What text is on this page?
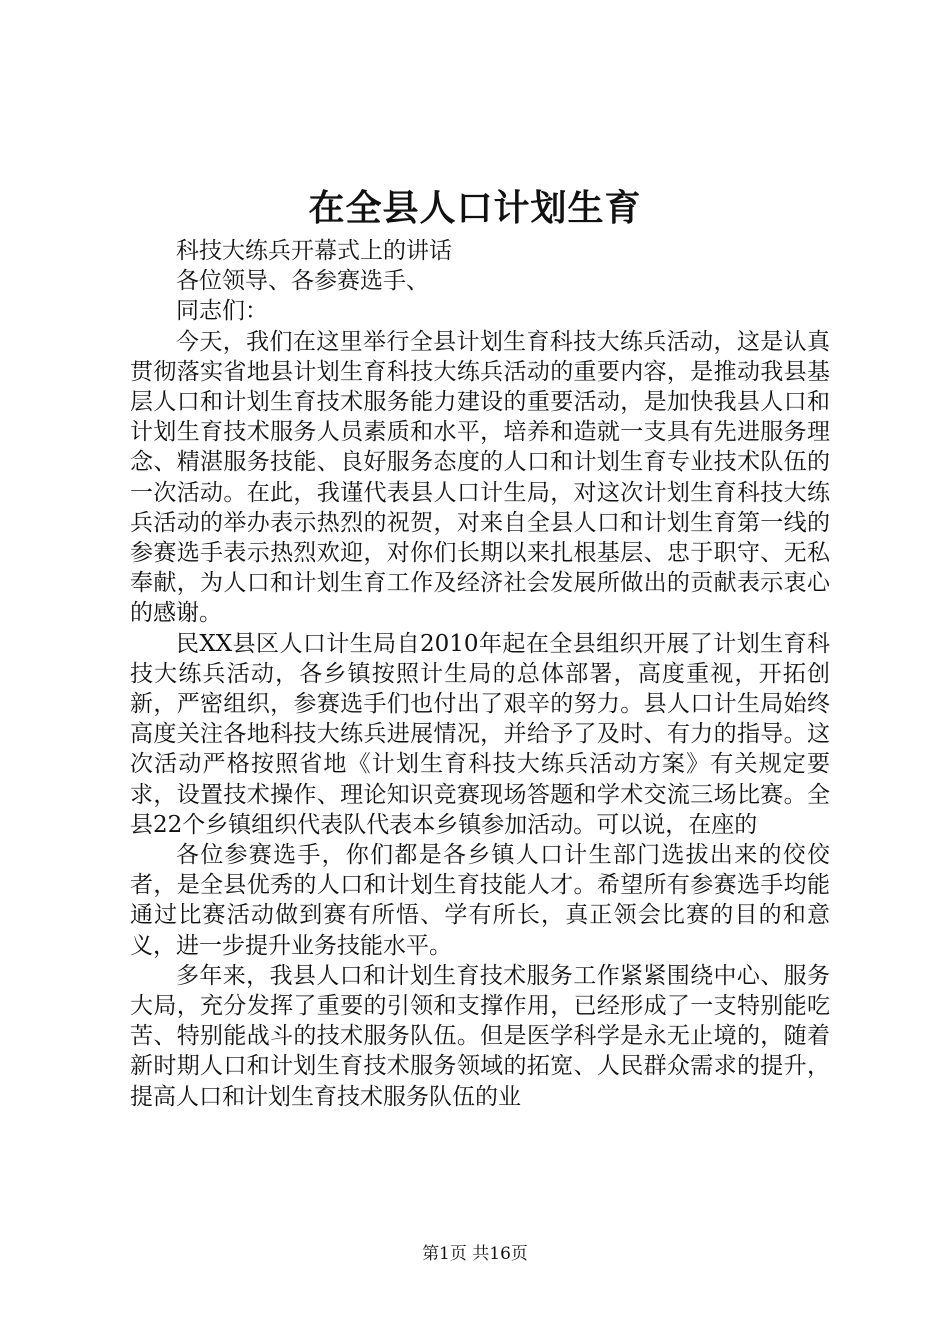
在全县人口计划生育

科技大练兵开幕式上的讲话

各位领导、各参赛选手、

同志们：

今天，我们在这里举行全县计划生育科技大练兵活动，这是认真贯彻落实省地县计划生育科技大练兵活动的重要内容，是推动我县基层人口和计划生育技术服务能力建设的重要活动，是加快我县人口和计划生育技术服务人员素质和水平，培养和造就一支具有先进服务理念、精湛服务技能、良好服务态度的人口和计划生育专业技术队伍的一次活动。在此，我谨代表县人口计生局，对这次计划生育科技大练兵活动的举办表示热烈的祝贺，对来自全县人口和计划生育第一线的参赛选手表示热烈欢迎，对你们长期以来扎根基层、忠于职守、无私奉献，为人口和计划生育工作及经济社会发展所做出的贡献表示衷心的感谢。

民XX县区人口计生局自2010年起在全县组织开展了计划生育科技大练兵活动，各乡镇按照计生局的总体部署，高度重视，开拓创新，严密组织，参赛选手们也付出了艰辛的努力。县人口计生局始终高度关注各地科技大练兵进展情况，并给予了及时、有力的指导。这次活动严格按照省地《计划生育科技大练兵活动方案》有关规定要求，设置技术操作、理论知识竞赛现场答题和学术交流三场比赛。全县22个乡镇组织代表队代表本乡镇参加活动。可以说，在座的

各位参赛选手，你们都是各乡镇人口计生部门选拔出来的佼佼者，是全县优秀的人口和计划生育技能人才。希望所有参赛选手均能通过比赛活动做到赛有所悟、学有所长，真正领会比赛的目的和意义，进一步提升业务技能水平。

多年来，我县人口和计划生育技术服务工作紧紧围绕中心、服务大局，充分发挥了重要的引领和支撑作用，已经形成了一支特别能吃苦、特别能战斗的技术服务队伍。但是医学科学是永无止境的，随着新时期人口和计划生育技术服务领域的拓宽、人民群众需求的提升，提高人口和计划生育技术服务队伍的业

第1页 共16页
